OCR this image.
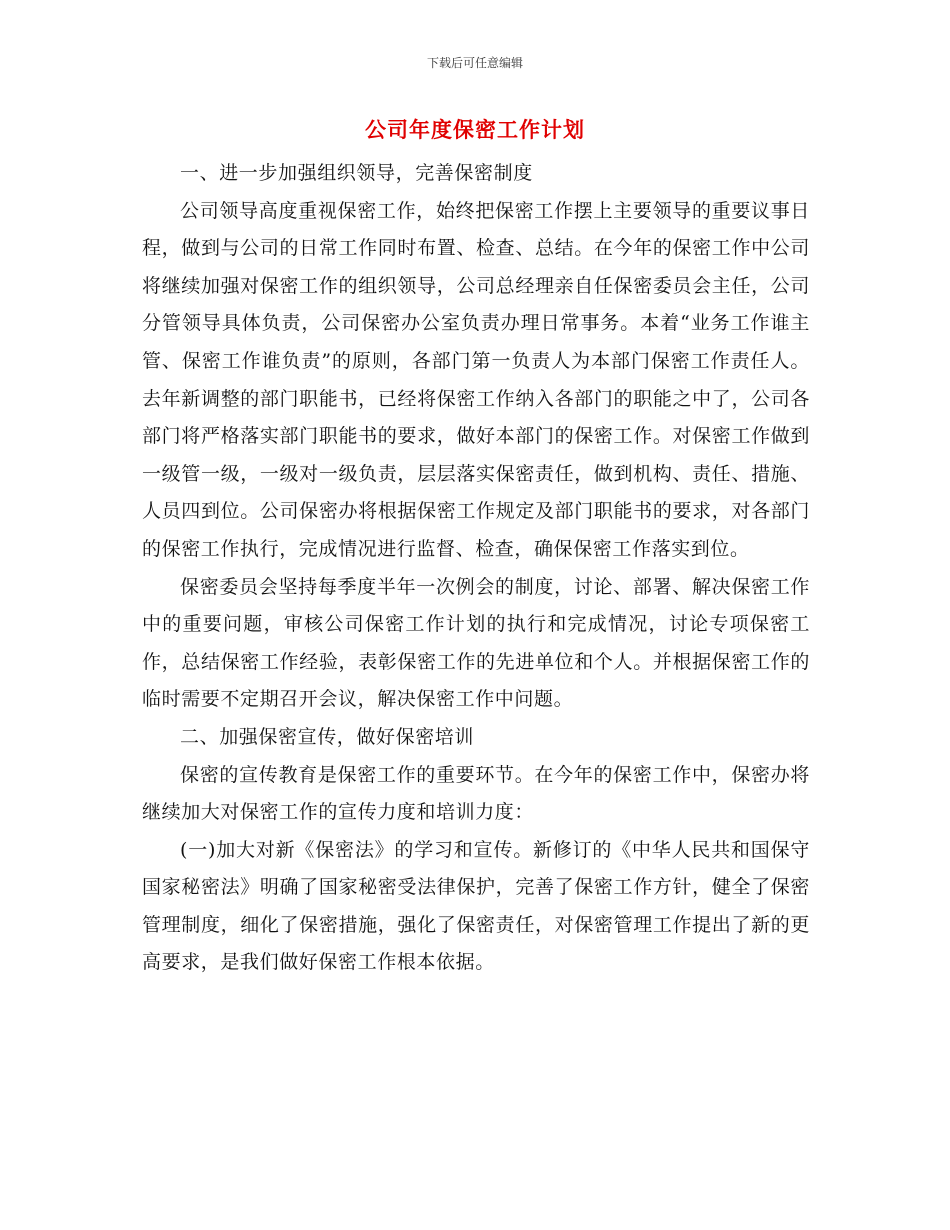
下载后可任意编辑
公司年度保密工作计划

一、进一步加强组织领导，完善保密制度

公司领导高度重视保密工作，始终把保密工作摆上主要领导的重要议事日程，做到与公司的日常工作同时布置、检查、总结。在今年的保密工作中公司将继续加强对保密工作的组织领导，公司总经理亲自任保密委员会主任，公司分管领导具体负责，公司保密办公室负责办理日常事务。本着“业务工作谁主管、保密工作谁负责”的原则，各部门第一负责人为本部门保密工作责任人。去年新调整的部门职能书，已经将保密工作纳入各部门的职能之中了，公司各部门将严格落实部门职能书的要求，做好本部门的保密工作。对保密工作做到一级管一级，一级对一级负责，层层落实保密责任，做到机构、责任、措施、人员四到位。公司保密办将根据保密工作规定及部门职能书的要求，对各部门的保密工作执行，完成情况进行监督、检查，确保保密工作落实到位。

保密委员会坚持每季度半年一次例会的制度，讨论、部署、解决保密工作中的重要问题，审核公司保密工作计划的执行和完成情况，讨论专项保密工作，总结保密工作经验，表彰保密工作的先进单位和个人。并根据保密工作的临时需要不定期召开会议，解决保密工作中问题。

二、加强保密宣传，做好保密培训

保密的宣传教育是保密工作的重要环节。在今年的保密工作中，保密办将继续加大对保密工作的宣传力度和培训力度：

(一)加大对新《保密法》的学习和宣传。新修订的《中华人民共和国保守国家秘密法》明确了国家秘密受法律保护，完善了保密工作方针，健全了保密管理制度，细化了保密措施，强化了保密责任，对保密管理工作提出了新的更高要求，是我们做好保密工作根本依据。
